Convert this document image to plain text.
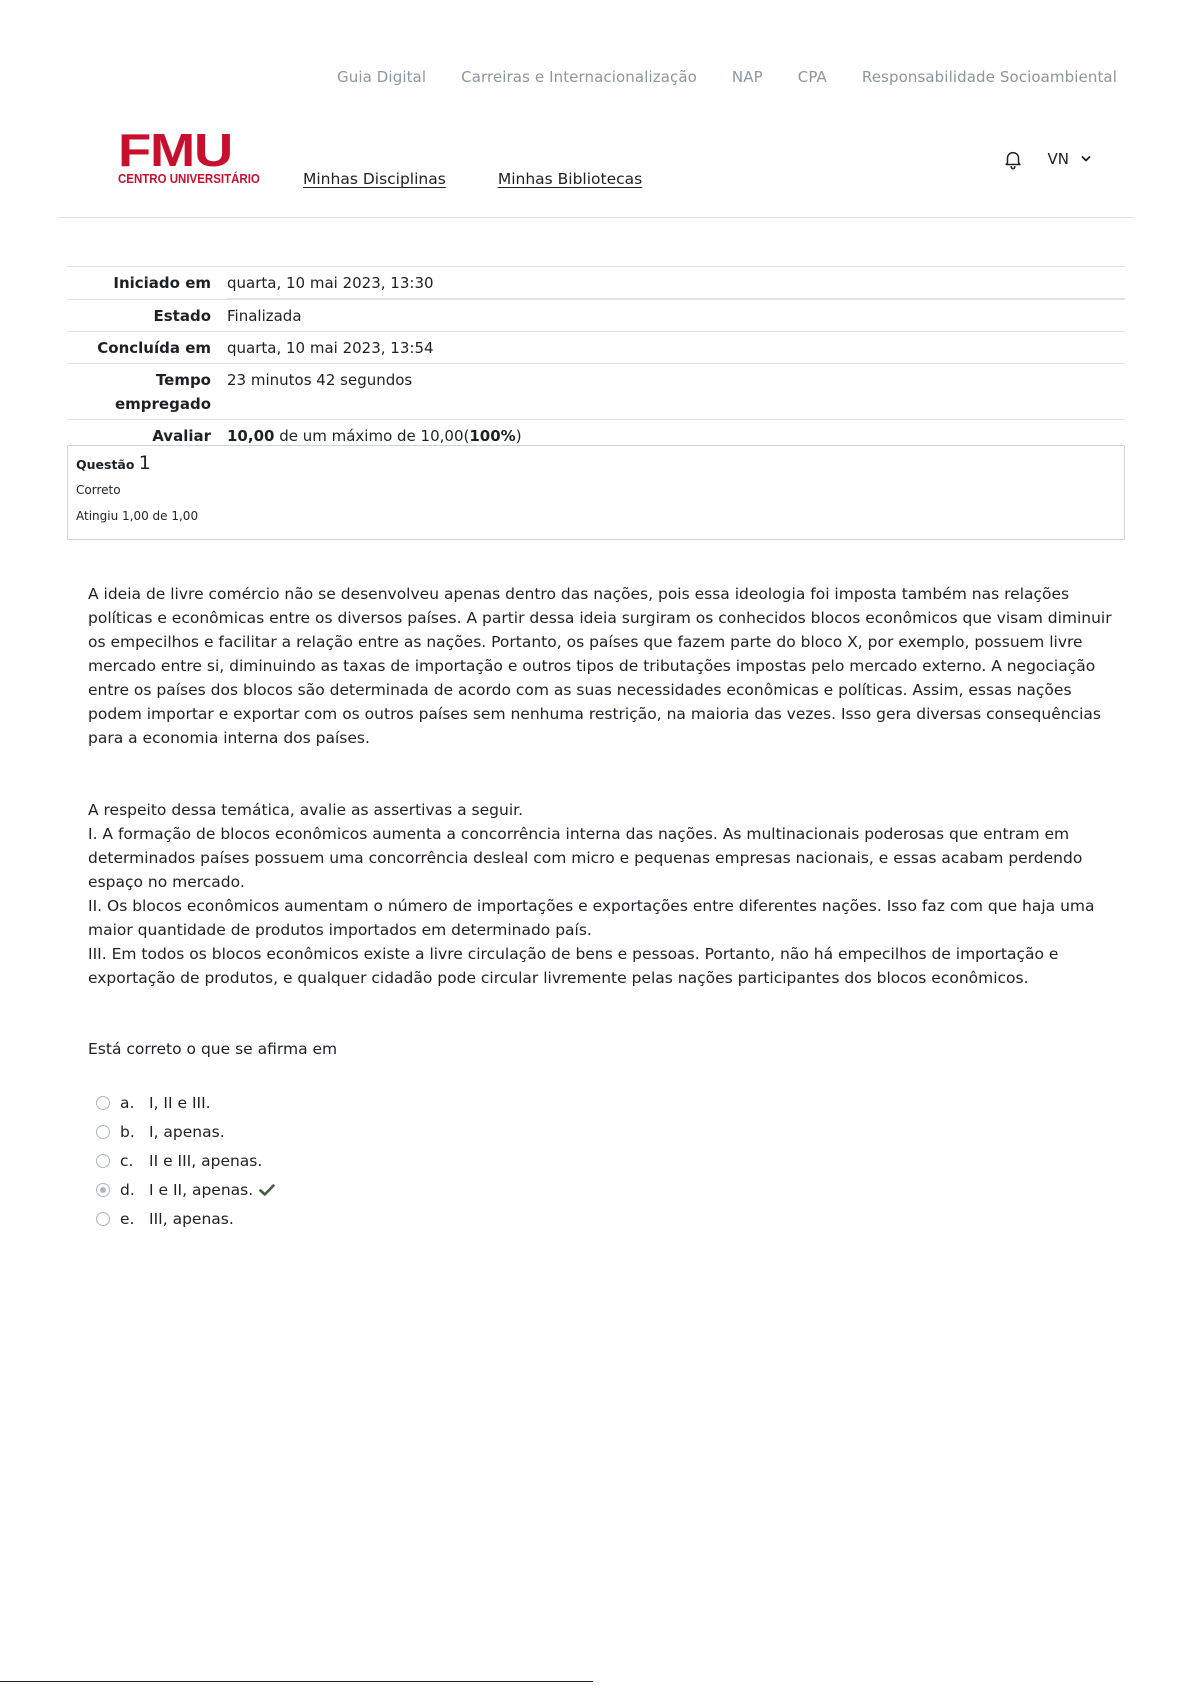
Guia Digital Carreiras e Internacionalização NAP CPA Responsabilidade Socioambiental
FMU
CENTRO UNIVERSITÁRIO	Minhas Disciplinas	Minhas Bibliotecas
VN
Iniciado em	quarta, 10 mai 2023, 13:30
Estado	Finalizada
Concluída em	quarta, 10 mai 2023, 13:54
Tempo empregado	23 minutos 42 segundos
Avaliar	10,00 de um máximo de 10,00(100%)
Questão 1
Correto
Atingiu 1,00 de 1,00

A ideia de livre comércio não se desenvolveu apenas dentro das nações, pois essa ideologia foi imposta também nas relações políticas e econômicas entre os diversos países. A partir dessa ideia surgiram os conhecidos blocos econômicos que visam diminuir os empecilhos e facilitar a relação entre as nações. Portanto, os países que fazem parte do bloco X, por exemplo, possuem livre mercado entre si, diminuindo as taxas de importação e outros tipos de tributações impostas pelo mercado externo. A negociação entre os países dos blocos são determinada de acordo com as suas necessidades econômicas e políticas. Assim, essas nações podem importar e exportar com os outros países sem nenhuma restrição, na maioria das vezes. Isso gera diversas consequências para a economia interna dos países.

A respeito dessa temática, avalie as assertivas a seguir.

I. A formação de blocos econômicos aumenta a concorrência interna das nações. As multinacionais poderosas que entram em determinados países possuem uma concorrência desleal com micro e pequenas empresas nacionais, e essas acabam perdendo espaço no mercado.

II. Os blocos econômicos aumentam o número de importações e exportações entre diferentes nações. Isso faz com que haja uma maior quantidade de produtos importados em determinado país.

III. Em todos os blocos econômicos existe a livre circulação de bens e pessoas. Portanto, não há empecilhos de importação e exportação de produtos, e qualquer cidadão pode circular livremente pelas nações participantes dos blocos econômicos.

Está correto o que se afirma em

a. I, II e III.
b. I, apenas.
c.	II e III, apenas.
d. I e II, apenas.
e. III, apenas.
